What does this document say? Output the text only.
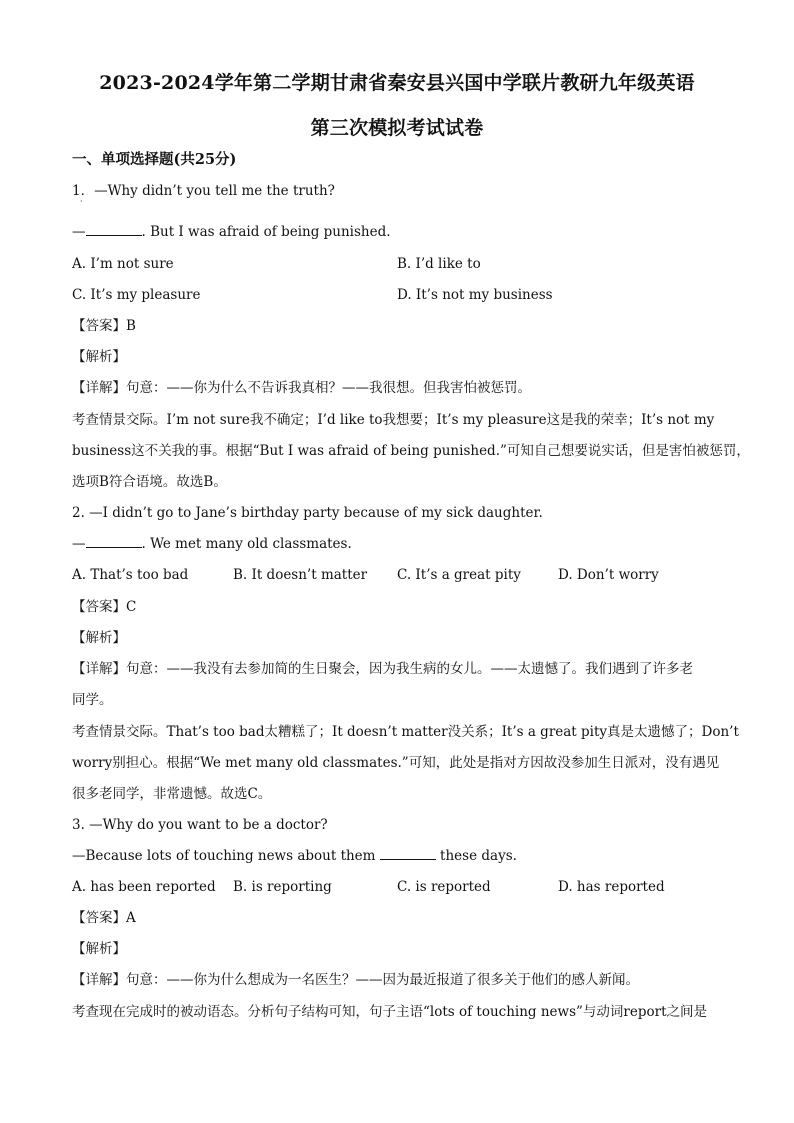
2023-2024学年第二学期甘肃省秦安县兴国中学联片教研九年级英语
第三次模拟考试试卷
一、单项选择题(共25分)
1．—Why didn’t you tell me the truth?
·
—	. But I was afraid of being punished.
A. I’m not sure	B. I’d like to
C. It’s my pleasure	D. It’s not my business
【答案】B
【解析】
【详解】句意：——你为什么不告诉我真相？——我很想。但我害怕被惩罚。
考查情景交际。I’m not sure我不确定；I’d like to我想要；It’s my pleasure这是我的荣幸；It’s not my
business这不关我的事。根据“But I was afraid of being punished.”可知自己想要说实话，但是害怕被惩罚，
选项B符合语境。故选B。
2. —I didn’t go to Jane’s birthday party because of my sick daughter.
—	. We met many old classmates.
A. That’s too bad	B. It doesn’t matter C. It’s a great pity	D. Don’t worry
【答案】C
【解析】
【详解】句意：——我没有去参加简的生日聚会，因为我生病的女儿。——太遗憾了。我们遇到了许多老
同学。
考查情景交际。That’s too bad太糟糕了；It doesn’t matter没关系；It’s a great pity真是太遗憾了；Don’t
worry别担心。根据“We met many old classmates.”可知，此处是指对方因故没参加生日派对，没有遇见
很多老同学，非常遗憾。故选C。
3. —Why do you want to be a doctor?
—Because lots of touching news about them	these days.
A. has been reported B. is reporting	C. is reported	D. has reported
【答案】A
【解析】
【详解】句意：——你为什么想成为一名医生？——因为最近报道了很多关于他们的感人新闻。
考查现在完成时的被动语态。分析句子结构可知，句子主语“lots of touching news”与动词report之间是
